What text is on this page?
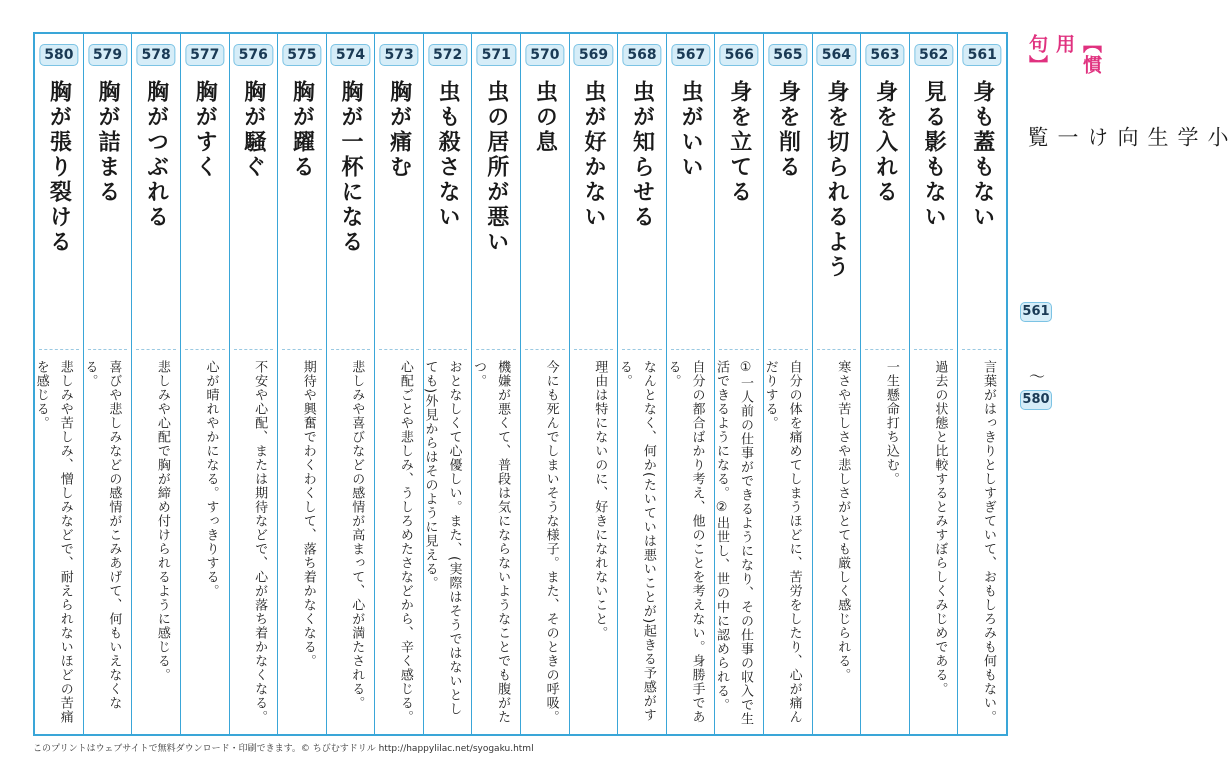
561
身も蓋もない
言葉がはっきりとしすぎていて、おもしろみも何もない。
562
見る影もない
過去の状態と比較するとみすぼらしくみじめである。
563
身を入れる
一生懸命打ち込む。
564
身を切られるよう
寒さや苦しさや悲しさがとても厳しく感じられる。
565
身を削る
自分の体を痛めてしまうほどに、苦労をしたり、心が痛んだりする。
566
身を立てる
①一人前の仕事ができるようになり、その仕事の収入で生活できるようになる。②出世し、世の中に認められる。
567
虫がいい
自分の都合ばかり考え、他のことを考えない。身勝手である。
568
虫が知らせる
なんとなく、何か(たいていは悪いことが)起きる予感がする。
569
虫が好かない
理由は特にないのに、好きになれないこと。
570
虫の息
今にも死んでしまいそうな様子。また、そのときの呼吸。
571
虫の居所が悪い
機嫌が悪くて、普段は気にならないようなことでも腹がたつ。
572
虫も殺さない
おとなしくて心優しい。また、(実際はそうではないとしても)外見からはそのように見える。
573
胸が痛む
心配ごとや悲しみ、うしろめたさなどから、辛く感じる。
574
胸が一杯になる
悲しみや喜びなどの感情が高まって、心が満たされる。
575
胸が躍る
期待や興奮でわくわくして、落ち着かなくなる。
576
胸が騒ぐ
不安や心配、または期待などで、心が落ち着かなくなる。
577
胸がすく
心が晴れやかになる。すっきりする。
578
胸がつぶれる
悲しみや心配で胸が締め付けられるように感じる。
579
胸が詰まる
喜びや悲しみなどの感情がこみあげて、何もいえなくなる。
580
胸が張り裂ける
悲しみや苦しみ、憎しみなどで、耐えられないほどの苦痛を感じる。
【慣用句】
小学生向け一覧
561
〜
580
このプリントはウェブサイトで無料ダウンロード・印刷できます。© ちびむすドリル http://happylilac.net/syogaku.html
